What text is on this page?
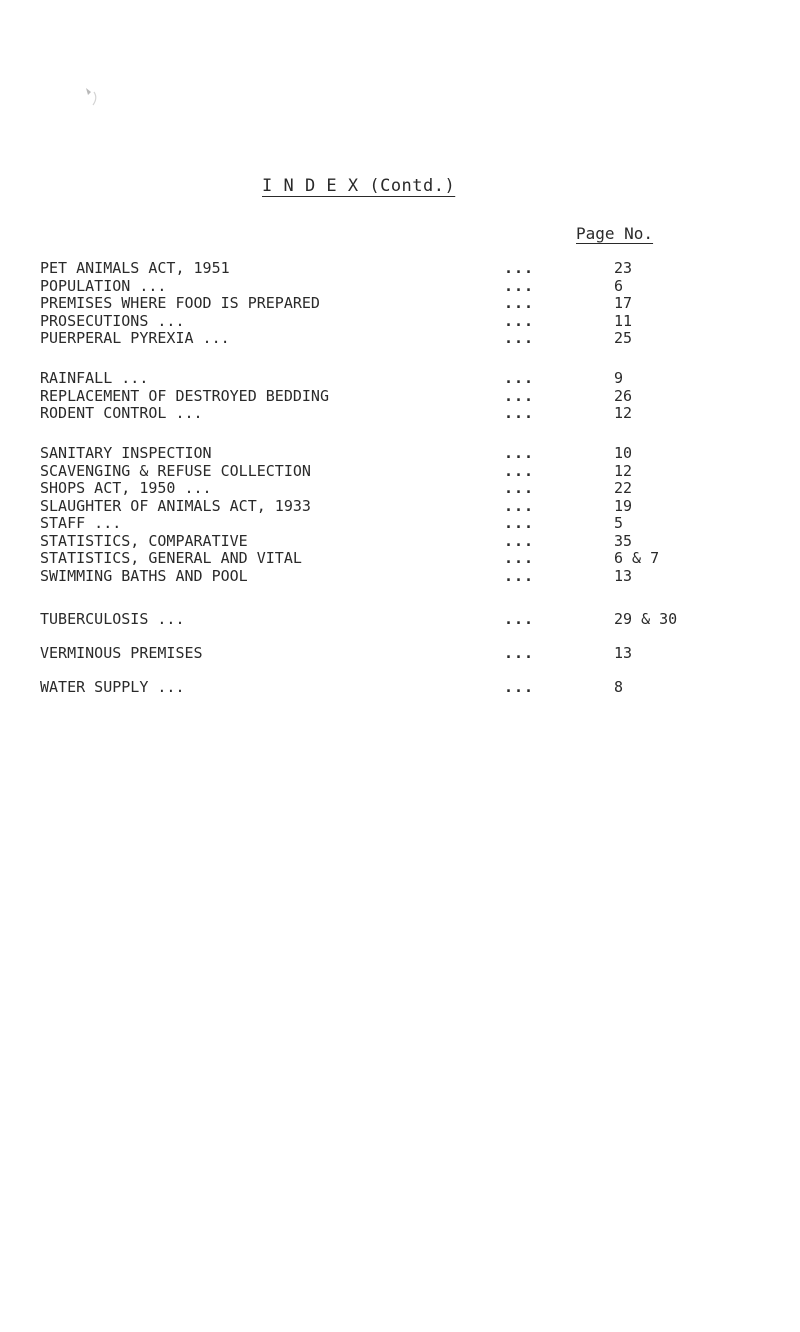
I N D E X (Contd.)
Page No.
PET ANIMALS ACT, 1951	...	23
POPULATION ...	...	6
PREMISES WHERE FOOD IS PREPARED	...	17
PROSECUTIONS ...	...	11
PUERPERAL PYREXIA ...	...	25
RAINFALL ...	...	9
REPLACEMENT OF DESTROYED BEDDING	...	26
RODENT CONTROL ...	...	12
SANITARY INSPECTION	...	10
SCAVENGING & REFUSE COLLECTION	...	12
SHOPS ACT, 1950 ...	...	22
SLAUGHTER OF ANIMALS ACT, 1933	...	19
STAFF ...	...	5
STATISTICS, COMPARATIVE	...	35
STATISTICS, GENERAL AND VITAL	...	6 & 7
SWIMMING BATHS AND POOL	...	13
TUBERCULOSIS ...	...	29 & 30
VERMINOUS PREMISES	...	13
WATER SUPPLY ...	...	8
